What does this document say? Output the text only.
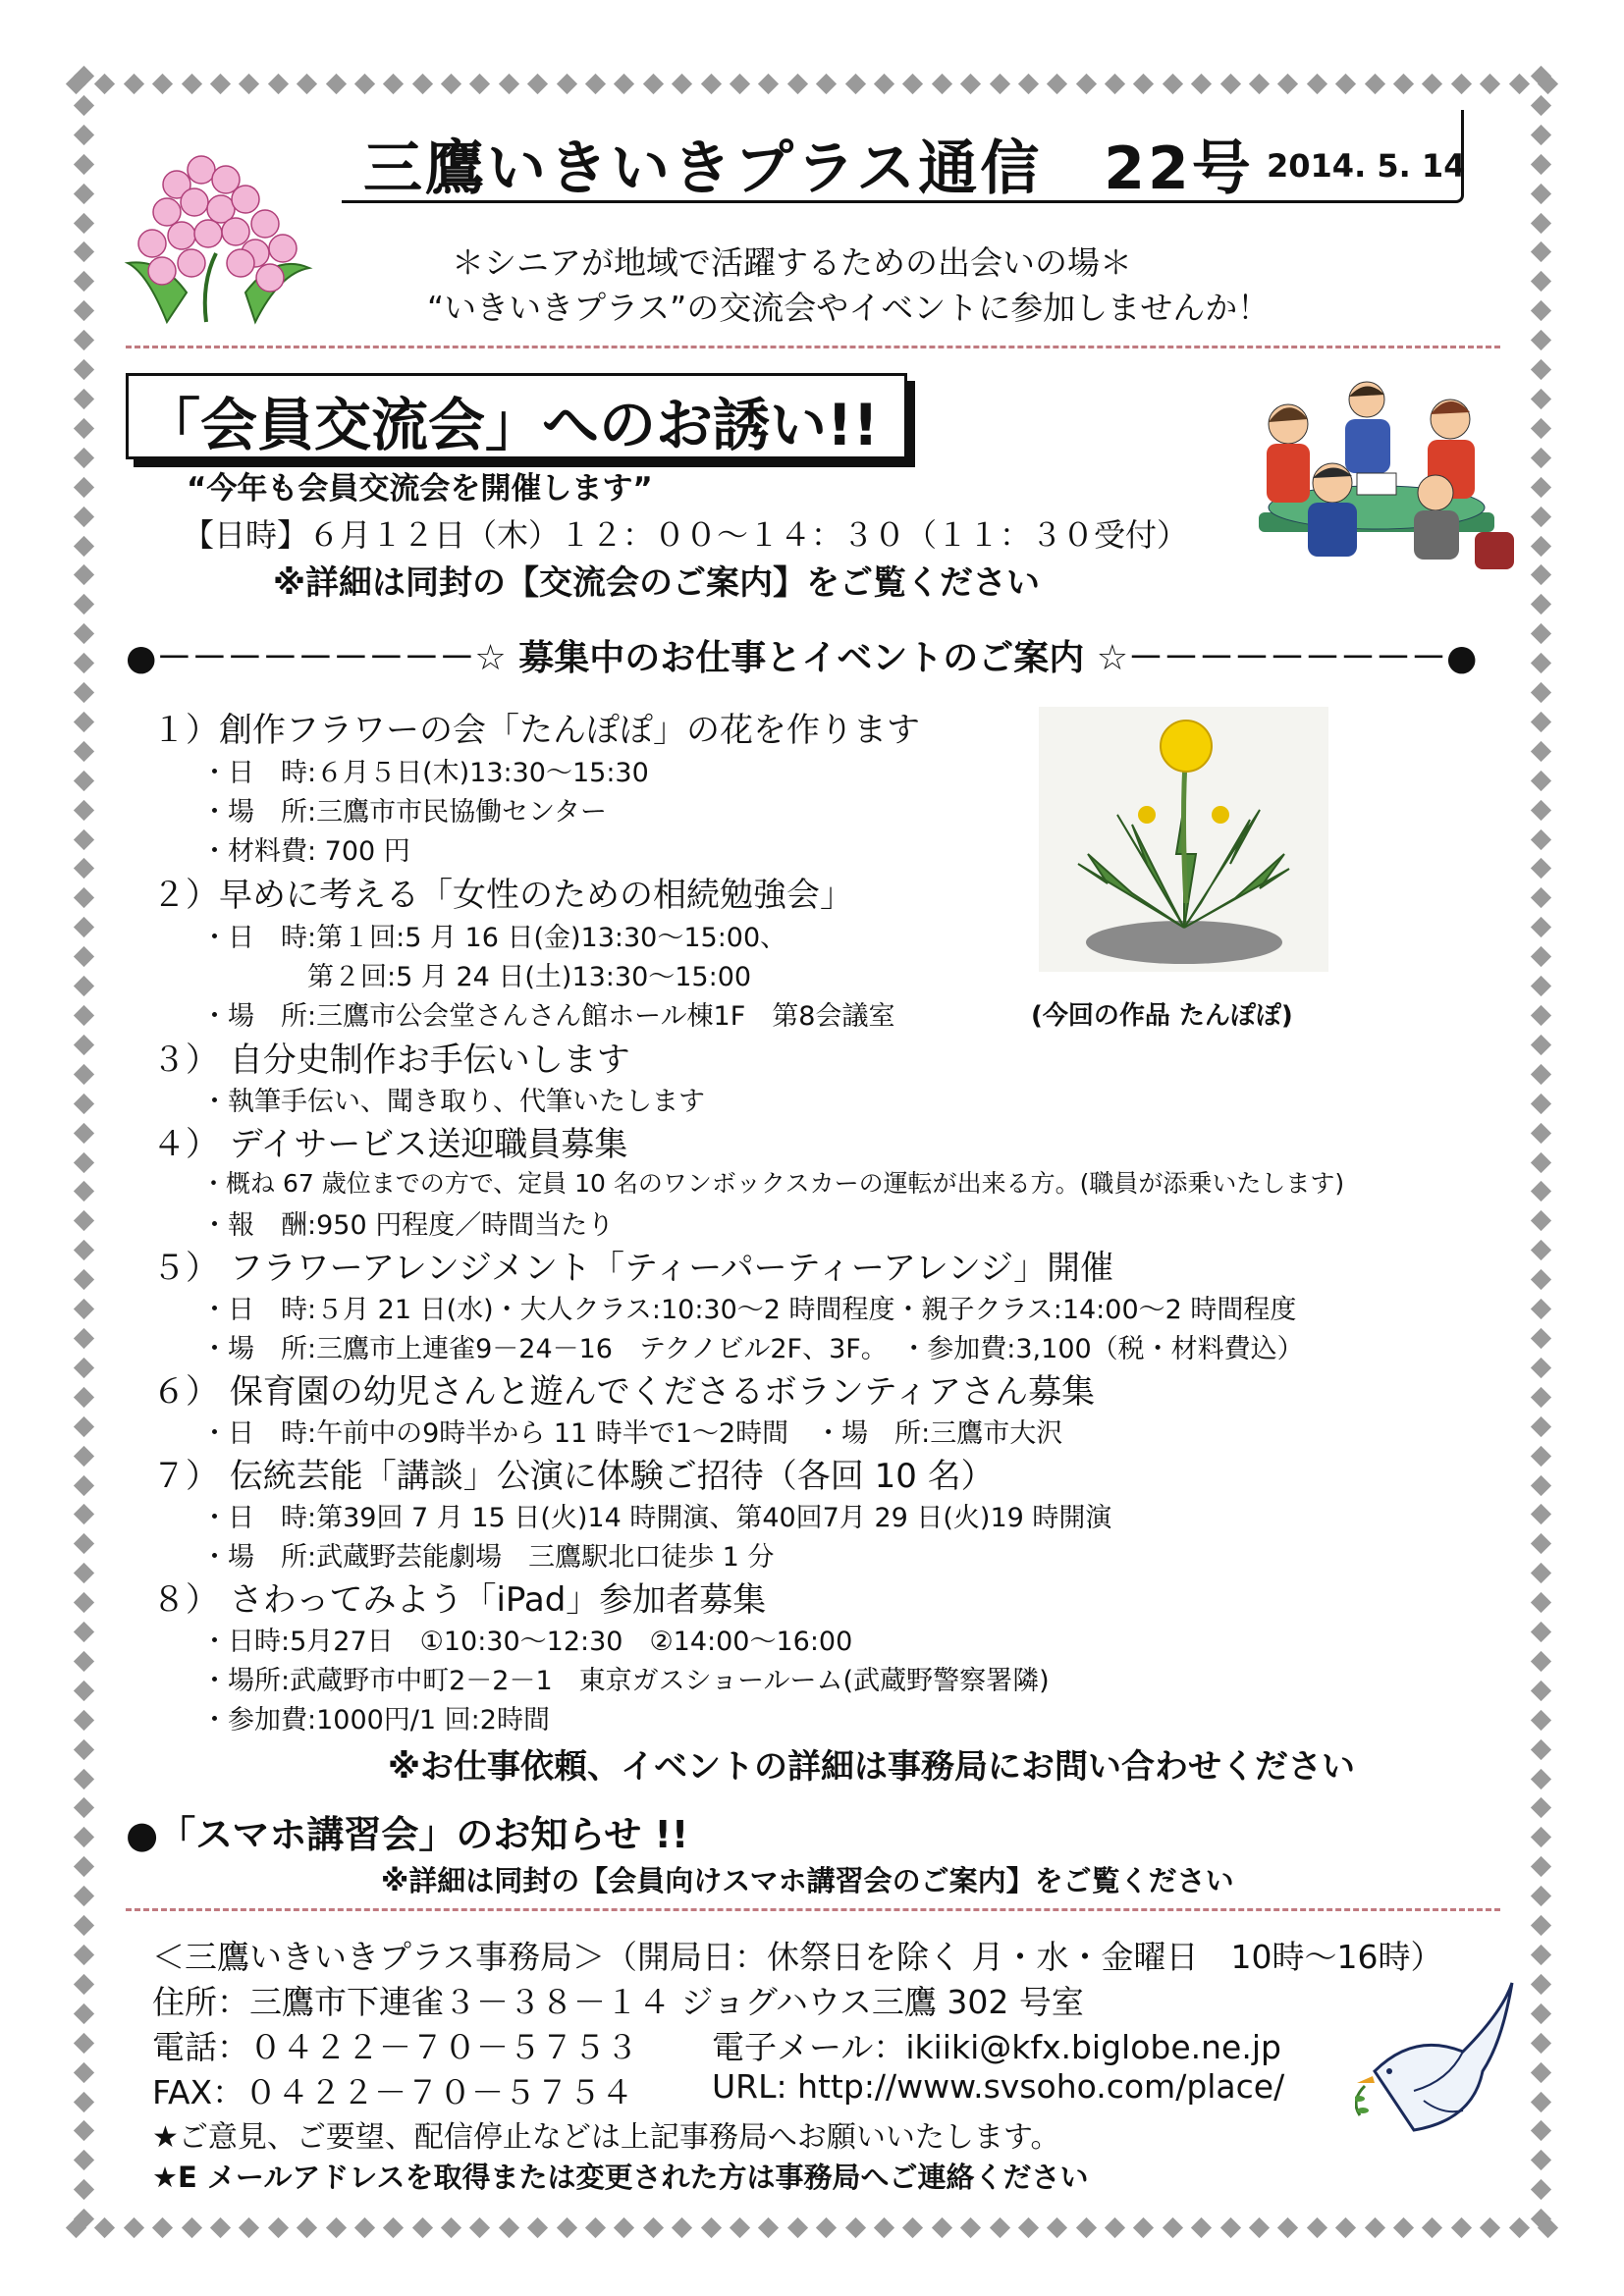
三鷹いきいきプラス通信　22号 2014. 5. 14
＊シニアが地域で活躍するための出会いの場＊
“いきいきプラス”の交流会やイベントに参加しませんか！
「会員交流会」へのお誘い!!
“今年も会員交流会を開催します”
【日時】６月１２日（木）１２：００～１４：３０（１１：３０受付）
※詳細は同封の【交流会のご案内】をご覧ください
●－－－－－－－－－☆ 募集中のお仕事とイベントのご案内 ☆－－－－－－－－－●
１）創作フラワーの会「たんぽぽ」の花を作ります
・日　時:６月５日(木)13:30～15:30
・場　所:三鷹市市民協働センター
・材料費: 700 円
２）早めに考える「女性のための相続勉強会」
・日　時:第１回:5 月 16 日(金)13:30～15:00、
　　　　第２回:5 月 24 日(土)13:30～15:00
・場　所:三鷹市公会堂さんさん館ホール棟1F　第8会議室
３） 自分史制作お手伝いします
・執筆手伝い、聞き取り、代筆いたします
４） デイサービス送迎職員募集
・概ね 67 歳位までの方で、定員 10 名のワンボックスカーの運転が出来る方。(職員が添乗いたします)
・報　酬:950 円程度／時間当たり
５） フラワーアレンジメント「ティーパーティーアレンジ」開催
・日　時:５月 21 日(水)・大人クラス:10:30～2 時間程度・親子クラス:14:00～2 時間程度
・場　所:三鷹市上連雀9－24－16　テクノビル2F、3F。　・参加費:3,100（税・材料費込）
６） 保育園の幼児さんと遊んでくださるボランティアさん募集
・日　時:午前中の9時半から 11 時半で1～2時間　・場　所:三鷹市大沢
７） 伝統芸能「講談」公演に体験ご招待（各回 10 名）
・日　時:第39回 7 月 15 日(火)14 時開演、第40回7月 29 日(火)19 時開演
・場　所:武蔵野芸能劇場　三鷹駅北口徒歩 1 分
８） さわってみよう「iPad」参加者募集
・日時:5月27日　①10:30～12:30　②14:00～16:00
・場所:武蔵野市中町2－2－1　東京ガスショールーム(武蔵野警察署隣)
・参加費:1000円/1 回:2時間
※お仕事依頼、イベントの詳細は事務局にお問い合わせください
(今回の作品 たんぽぽ)
●「スマホ講習会」のお知らせ !!
※詳細は同封の【会員向けスマホ講習会のご案内】をご覧ください
＜三鷹いきいきプラス事務局＞（開局日：休祭日を除く 月・水・金曜日　10時～16時）
住所：三鷹市下連雀３－３８－１４ ジョグハウス三鷹 302 号室
電話：０４２２－７０－５７５３ 電子メール：ikiiki@kfx.biglobe.ne.jp
FAX：０４２２－７０－５７５４ URL: http://www.svsoho.com/place/
★ご意見、ご要望、配信停止などは上記事務局へお願いいたします。
★E メールアドレスを取得または変更された方は事務局へご連絡ください
